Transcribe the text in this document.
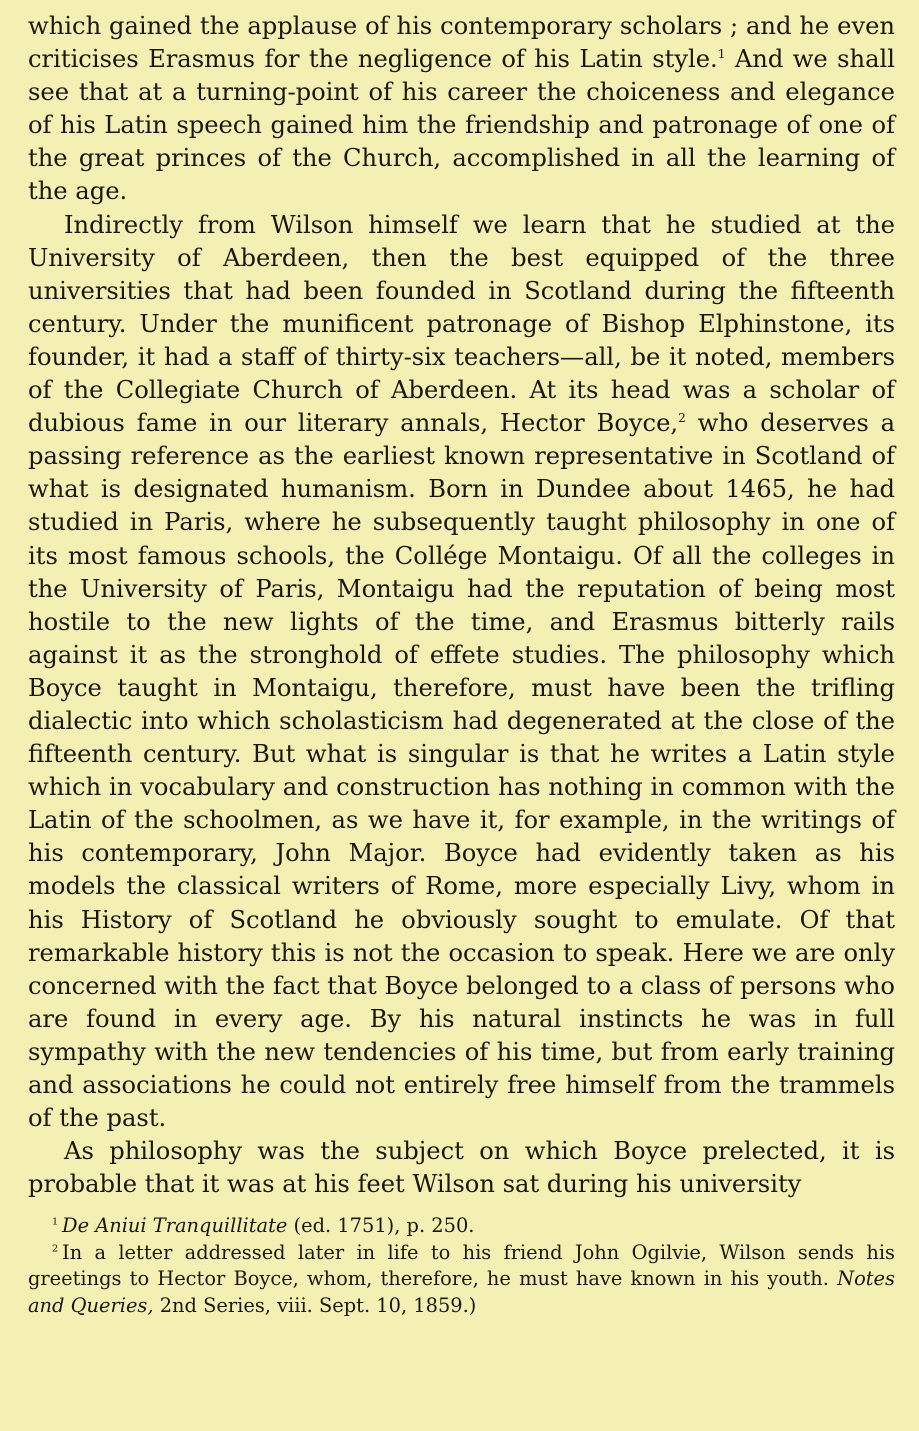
which gained the applause of his contemporary scholars ; and he even criticises Erasmus for the negligence of his Latin style.$^1$ And we shall see that at a turning-point of his career the choiceness and elegance of his Latin speech gained him the friendship and patronage of one of the great princes of the Church, accomplished in all the learning of the age.

Indirectly from Wilson himself we learn that he studied at the University of Aberdeen, then the best equipped of the three universities that had been founded in Scotland during the fifteenth century. Under the munificent patronage of Bishop Elphinstone, its founder, it had a staff of thirty-six teachers—all, be it noted, members of the Collegiate Church of Aberdeen. At its head was a scholar of dubious fame in our literary annals, Hector Boyce,$^2$ who deserves a passing reference as the earliest known representative in Scotland of what is designated humanism. Born in Dundee about 1465, he had studied in Paris, where he subsequently taught philosophy in one of its most famous schools, the Collége Montaigu. Of all the colleges in the University of Paris, Montaigu had the reputation of being most hostile to the new lights of the time, and Erasmus bitterly rails against it as the stronghold of effete studies. The philosophy which Boyce taught in Montaigu, therefore, must have been the trifling dialectic into which scholasticism had degenerated at the close of the fifteenth century. But what is singular is that he writes a Latin style which in vocabulary and construction has nothing in common with the Latin of the schoolmen, as we have it, for example, in the writings of his contemporary, John Major. Boyce had evidently taken as his models the classical writers of Rome, more especially Livy, whom in his History of Scotland he obviously sought to emulate. Of that remarkable history this is not the occasion to speak. Here we are only concerned with the fact that Boyce belonged to a class of persons who are found in every age. By his natural instincts he was in full sympathy with the new tendencies of his time, but from early training and associations he could not entirely free himself from the trammels of the past.

As philosophy was the subject on which Boyce prelected, it is probable that it was at his feet Wilson sat during his university

$^1$  De Aniui Tranquillitate (ed. 1751), p. 250.

$^2$  In a letter addressed later in life to his friend John Ogilvie, Wilson sends his greetings to Hector Boyce, whom, therefore, he must have known in his youth. Notes and Queries, 2nd Series, viii. Sept. 10, 1859.)
